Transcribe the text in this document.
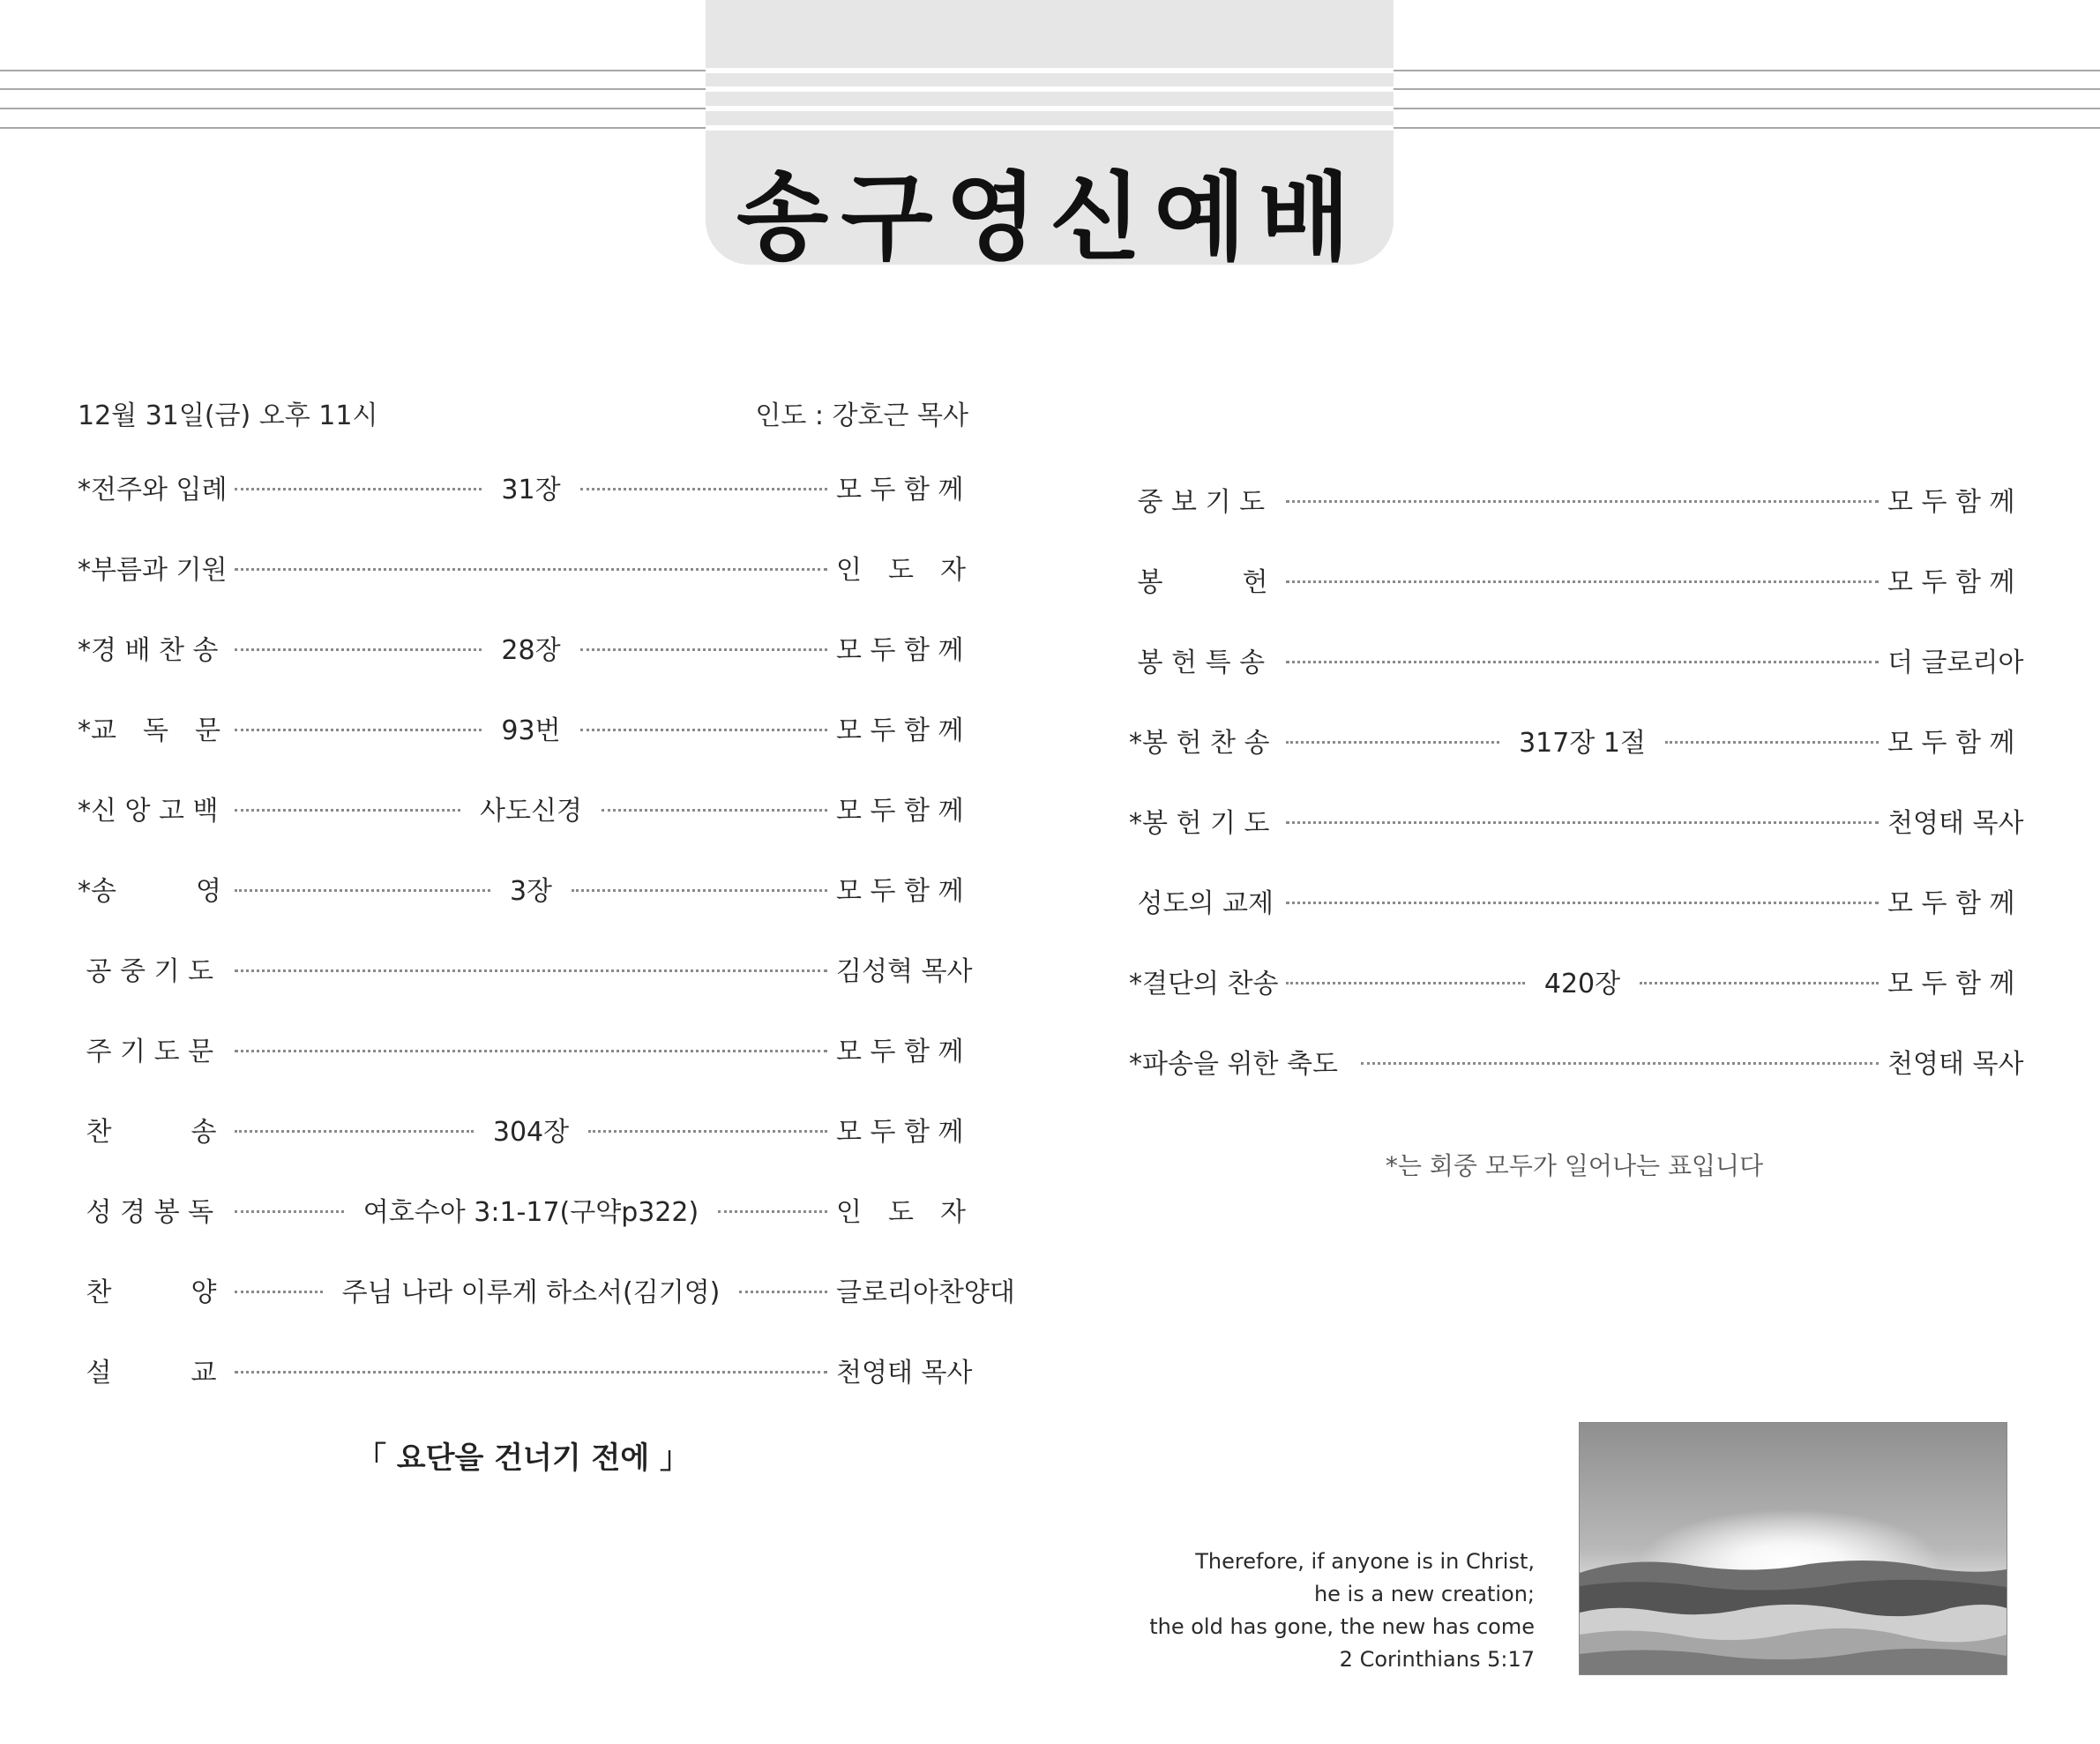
송구영신예배
12월 31일(금) 오후 11시	인도 : 강호근 목사
*전주와 입례	31장	모 두 함 께
*부름과 기원	인　도　자
*경 배 찬 송	28장	모 두 함 께
*교　독　문	93번	모 두 함 께
*신 앙 고 백	사도신경	모 두 함 께
*송　　　영	3장	모 두 함 께
공 중 기 도	김성혁 목사
주 기 도 문	모 두 함 께
찬　　　송	304장	모 두 함 께
성 경 봉 독	여호수아 3:1-17(구약p322)	인　도　자
찬　　　양	주님 나라 이루게 하소서(김기영)	글로리아찬양대
설　　　교	천영태 목사
「 요단을 건너기 전에 」
중 보 기 도	모 두 함 께
봉　　　헌	모 두 함 께
봉 헌 특 송	더 글로리아
*봉 헌 찬 송	317장 1절	모 두 함 께
*봉 헌 기 도	천영태 목사
성도의 교제	모 두 함 께
*결단의 찬송	420장	모 두 함 께
*파송을 위한 축도	천영태 목사
*는 회중 모두가 일어나는 표입니다
Therefore, if anyone is in Christ,
he is a new creation;
the old has gone, the new has come
2 Corinthians 5:17
